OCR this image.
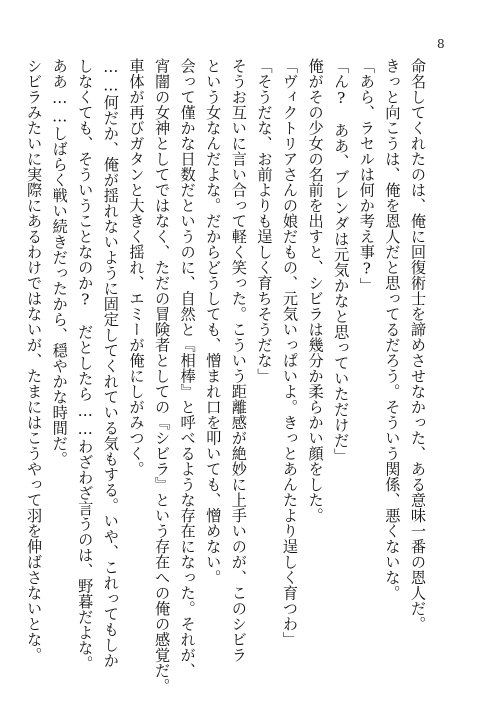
8
命名してくれたのは、俺に回復術士を諦めさせなかった、ある意味一番の恩人だ。
きっと向こうは、俺を恩人だと思ってるだろう。そういう関係、悪くないな。
「あら、ラセルは何か考え事?」
「ん?　ああ、ブレンダは元気かなと思っていただけだ」
俺がその少女の名前を出すと、シビラは幾分か柔らかい顔をした。
「ヴィクトリアさんの娘だもの、元気いっぱいよ。きっとあんたより逞しく育つわ」
「そうだな、お前よりも逞しく育ちそうだな」
そうお互いに言い合って軽く笑った。こういう距離感が絶妙に上手いのが、このシビラ
という女なんだよな。だからどうしても、憎まれ口を叩いても、憎めない。
会って僅かな日数だというのに、自然と『相棒』と呼べるような存在になった。それが、
宵闇の女神としてではなく、ただの冒険者としての『シビラ』という存在への俺の感覚だ。
車体が再びガタンと大きく揺れ、エミーが俺にしがみつく。
……何だか、俺が揺れないように固定してくれている気もする。いや、これってもしか
しなくても、そういうことなのか?　だとしたら……わざわざ言うのは、野暮だよな。
ああ……しばらく戦い続きだったから、穏やかな時間だ。
シビラみたいに実際にあるわけではないが、たまにはこうやって羽を伸ばさないとな。
